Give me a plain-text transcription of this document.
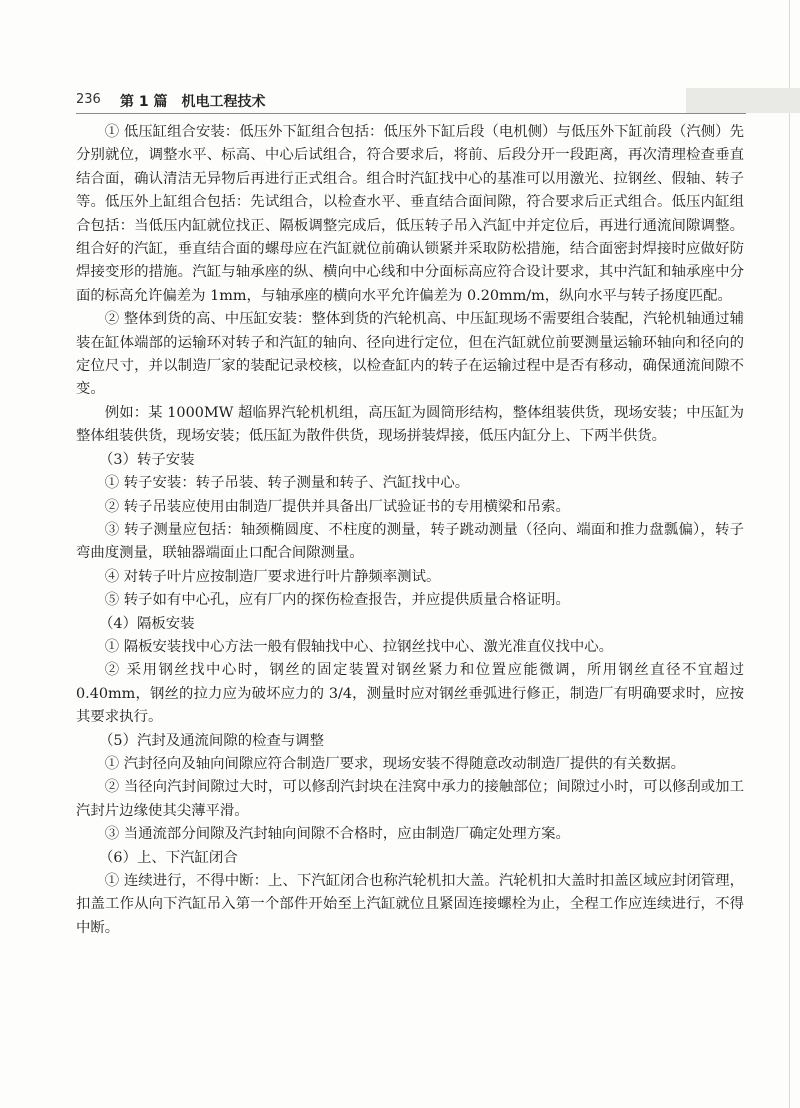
236 第 1 篇　机电工程技术

① 低压缸组合安装：低压外下缸组合包括：低压外下缸后段（电机侧）与低压外下缸前段（汽侧）先分别就位，调整水平、标高、中心后试组合，符合要求后，将前、后段分开一段距离，再次清理检查垂直结合面，确认清洁无异物后再进行正式组合。组合时汽缸找中心的基准可以用激光、拉钢丝、假轴、转子等。低压外上缸组合包括：先试组合，以检查水平、垂直结合面间隙，符合要求后正式组合。低压内缸组合包括：当低压内缸就位找正、隔板调整完成后，低压转子吊入汽缸中并定位后，再进行通流间隙调整。组合好的汽缸，垂直结合面的螺母应在汽缸就位前确认锁紧并采取防松措施，结合面密封焊接时应做好防焊接变形的措施。汽缸与轴承座的纵、横向中心线和中分面标高应符合设计要求，其中汽缸和轴承座中分面的标高允许偏差为 1mm，与轴承座的横向水平允许偏差为 0.20mm/m，纵向水平与转子扬度匹配。

② 整体到货的高、中压缸安装：整体到货的汽轮机高、中压缸现场不需要组合装配，汽轮机轴通过辅装在缸体端部的运输环对转子和汽缸的轴向、径向进行定位，但在汽缸就位前要测量运输环轴向和径向的定位尺寸，并以制造厂家的装配记录校核，以检查缸内的转子在运输过程中是否有移动，确保通流间隙不变。

例如：某 1000MW 超临界汽轮机机组，高压缸为圆筒形结构，整体组装供货，现场安装；中压缸为整体组装供货，现场安装；低压缸为散件供货，现场拼装焊接，低压内缸分上、下两半供货。

（3）转子安装

① 转子安装：转子吊装、转子测量和转子、汽缸找中心。

② 转子吊装应使用由制造厂提供并具备出厂试验证书的专用横梁和吊索。

③ 转子测量应包括：轴颈椭圆度、不柱度的测量，转子跳动测量（径向、端面和推力盘瓢偏），转子弯曲度测量，联轴器端面止口配合间隙测量。

④ 对转子叶片应按制造厂要求进行叶片静频率测试。

⑤ 转子如有中心孔，应有厂内的探伤检查报告，并应提供质量合格证明。

（4）隔板安装

① 隔板安装找中心方法一般有假轴找中心、拉钢丝找中心、激光准直仪找中心。

② 采用钢丝找中心时，钢丝的固定装置对钢丝紧力和位置应能微调，所用钢丝直径不宜超过 0.40mm，钢丝的拉力应为破坏应力的 3/4，测量时应对钢丝垂弧进行修正，制造厂有明确要求时，应按其要求执行。

（5）汽封及通流间隙的检查与调整

① 汽封径向及轴向间隙应符合制造厂要求，现场安装不得随意改动制造厂提供的有关数据。

② 当径向汽封间隙过大时，可以修刮汽封块在洼窝中承力的接触部位；间隙过小时，可以修刮或加工汽封片边缘使其尖薄平滑。

③ 当通流部分间隙及汽封轴向间隙不合格时，应由制造厂确定处理方案。

（6）上、下汽缸闭合

① 连续进行，不得中断：上、下汽缸闭合也称汽轮机扣大盖。汽轮机扣大盖时扣盖区域应封闭管理，扣盖工作从向下汽缸吊入第一个部件开始至上汽缸就位且紧固连接螺栓为止，全程工作应连续进行，不得中断。
